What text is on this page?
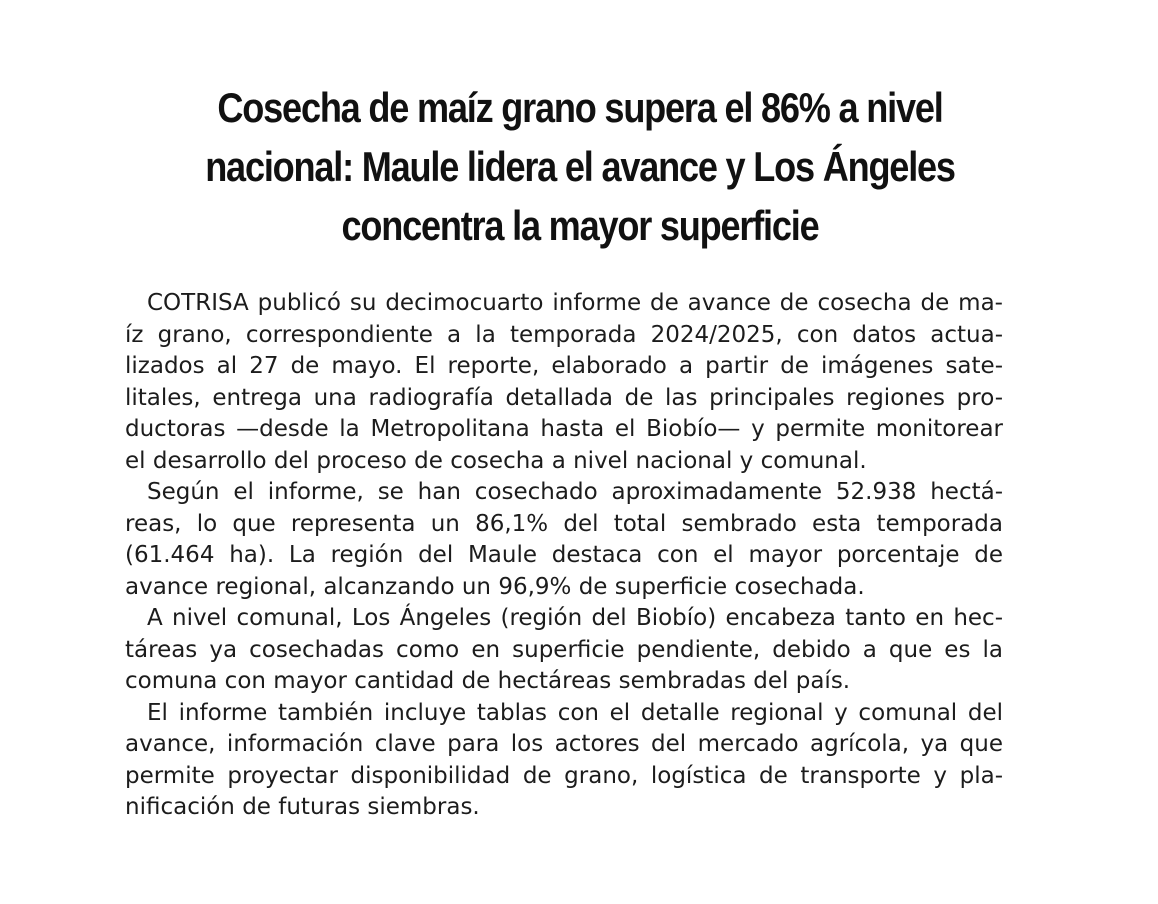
Cosecha de maíz grano supera el 86% a nivel
nacional: Maule lidera el avance y Los Ángeles
concentra la mayor superficie
COTRISA publicó su decimocuarto informe de avance de cosecha de ma-
íz grano, correspondiente a la temporada 2024/2025, con datos actua-
lizados al 27 de mayo. El reporte, elaborado a partir de imágenes sate-
litales, entrega una radiografía detallada de las principales regiones pro-
ductoras —desde la Metropolitana hasta el Biobío— y permite monitorear
el desarrollo del proceso de cosecha a nivel nacional y comunal.
Según el informe, se han cosechado aproximadamente 52.938 hectá-
reas, lo que representa un 86,1% del total sembrado esta temporada
(61.464 ha). La región del Maule destaca con el mayor porcentaje de
avance regional, alcanzando un 96,9% de superficie cosechada.
A nivel comunal, Los Ángeles (región del Biobío) encabeza tanto en hec-
táreas ya cosechadas como en superficie pendiente, debido a que es la
comuna con mayor cantidad de hectáreas sembradas del país.
El informe también incluye tablas con el detalle regional y comunal del
avance, información clave para los actores del mercado agrícola, ya que
permite proyectar disponibilidad de grano, logística de transporte y pla-
nificación de futuras siembras.
